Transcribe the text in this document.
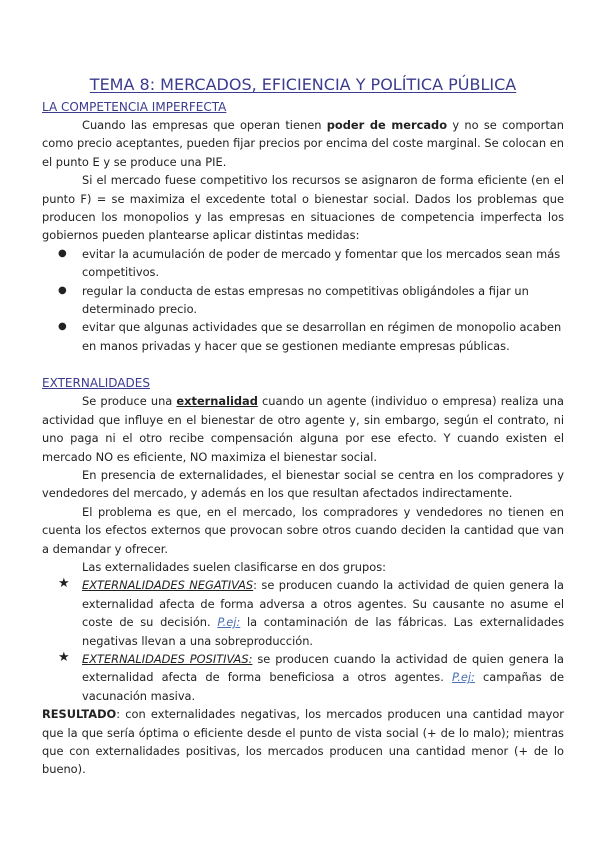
TEMA 8: MERCADOS, EFICIENCIA Y POLÍTICA PÚBLICA
LA COMPETENCIA IMPERFECTA

Cuando las empresas que operan tienen poder de mercado y no se comportan como precio aceptantes, pueden fijar precios por encima del coste marginal. Se colocan en el punto E y se produce una PIE.

Si el mercado fuese competitivo los recursos se asignaron de forma eficiente (en el punto F) = se maximiza el excedente total o bienestar social. Dados los problemas que producen los monopolios y las empresas en situaciones de competencia imperfecta los gobiernos pueden plantearse aplicar distintas medidas:

● evitar la acumulación de poder de mercado y fomentar que los mercados sean más competitivos.
● regular la conducta de estas empresas no competitivas obligándoles a fijar un determinado precio.
● evitar que algunas actividades que se desarrollan en régimen de monopolio acaben en manos privadas y hacer que se gestionen mediante empresas públicas.
EXTERNALIDADES

Se produce una externalidad cuando un agente (individuo o empresa) realiza una actividad que influye en el bienestar de otro agente y, sin embargo, según el contrato, ni uno paga ni el otro recibe compensación alguna por ese efecto. Y cuando existen el mercado NO es eficiente, NO maximiza el bienestar social.

En presencia de externalidades, el bienestar social se centra en los compradores y vendedores del mercado, y además en los que resultan afectados indirectamente.

El problema es que, en el mercado, los compradores y vendedores no tienen en cuenta los efectos externos que provocan sobre otros cuando deciden la cantidad que van a demandar y ofrecer.

Las externalidades suelen clasificarse en dos grupos:

★ EXTERNALIDADES NEGATIVAS: se producen cuando la actividad de quien genera la externalidad afecta de forma adversa a otros agentes. Su causante no asume el coste de su decisión. P.ej: la contaminación de las fábricas. Las externalidades negativas llevan a una sobreproducción.
★ EXTERNALIDADES POSITIVAS: se producen cuando la actividad de quien genera la externalidad afecta de forma beneficiosa a otros agentes. P.ej: campañas de vacunación masiva.

RESULTADO: con externalidades negativas, los mercados producen una cantidad mayor que la que sería óptima o eficiente desde el punto de vista social (+ de lo malo); mientras que con externalidades positivas, los mercados producen una cantidad menor (+ de lo bueno).
